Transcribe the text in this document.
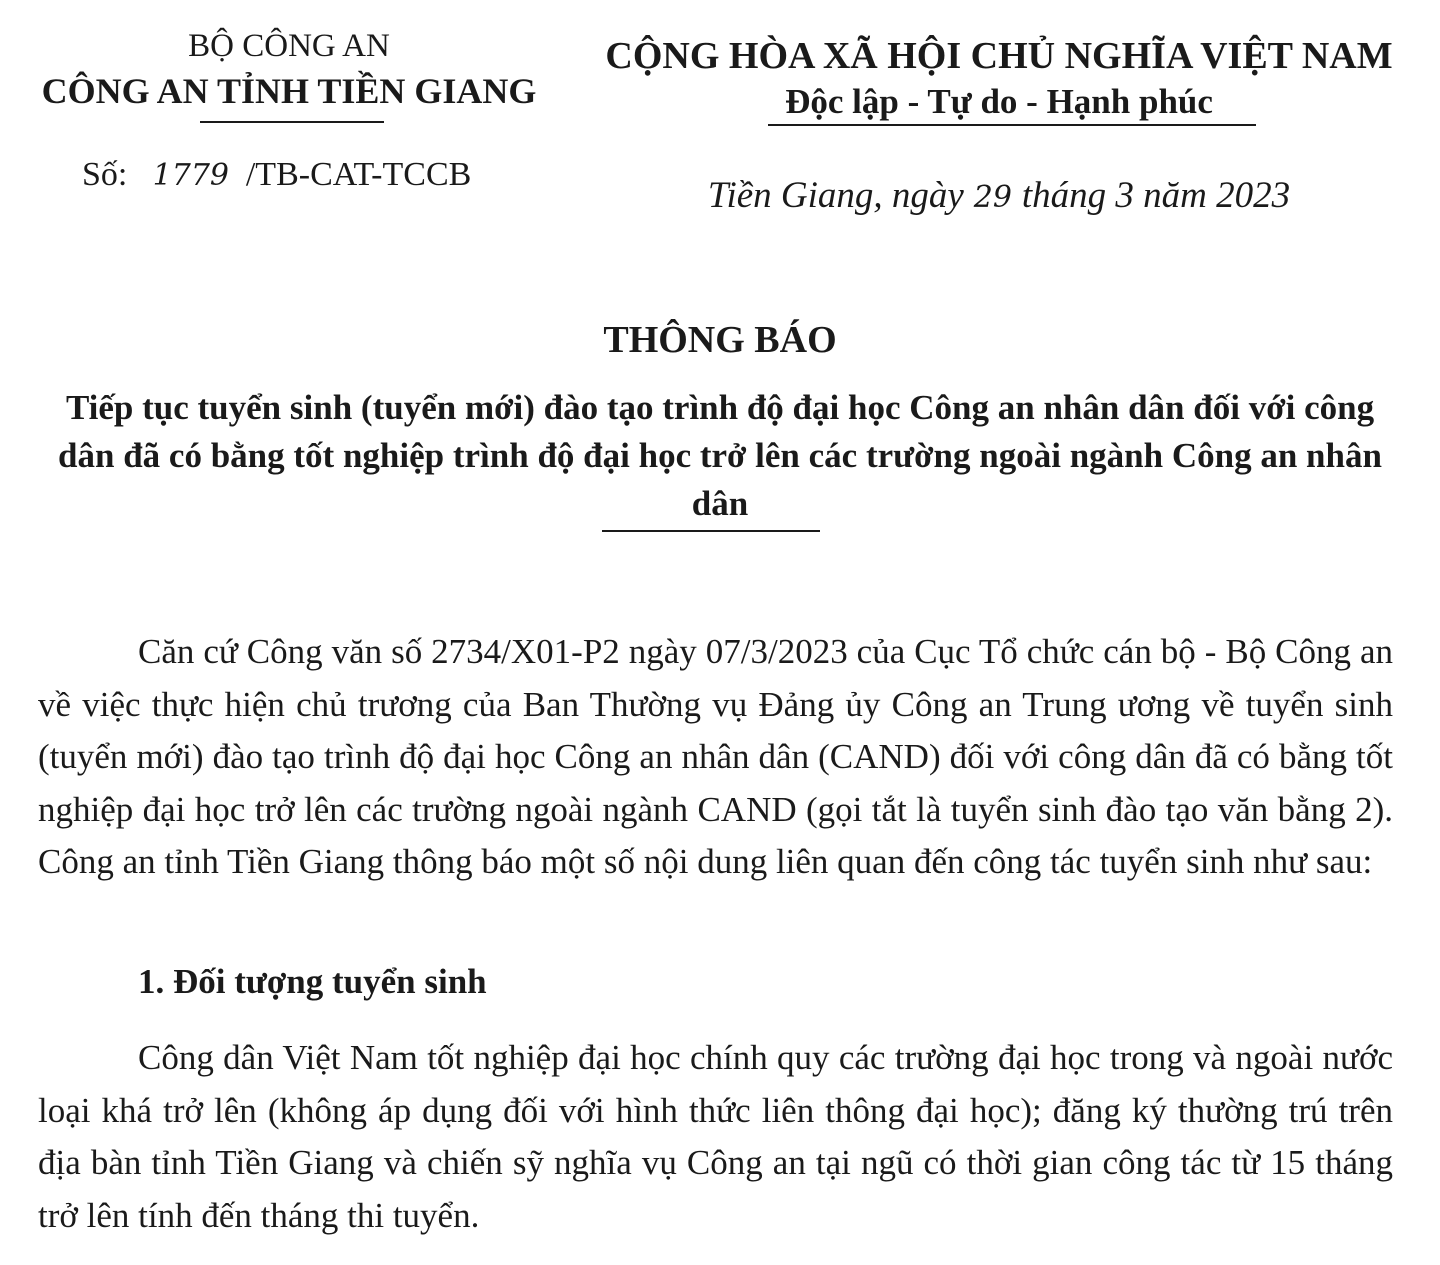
BỘ CÔNG AN
CÔNG AN TỈNH TIỀN GIANG
Số: 1779 /TB-CAT-TCCB
CỘNG HÒA XÃ HỘI CHỦ NGHĨA VIỆT NAM
Độc lập - Tự do - Hạnh phúc
Tiền Giang, ngày 29 tháng 3 năm 2023
THÔNG BÁO
Tiếp tục tuyển sinh (tuyển mới) đào tạo trình độ đại học Công an nhân dân đối với công dân đã có bằng tốt nghiệp trình độ đại học trở lên các trường ngoài ngành Công an nhân dân
Căn cứ Công văn số 2734/X01-P2 ngày 07/3/2023 của Cục Tổ chức cán bộ - Bộ Công an về việc thực hiện chủ trương của Ban Thường vụ Đảng ủy Công an Trung ương về tuyển sinh (tuyển mới) đào tạo trình độ đại học Công an nhân dân (CAND) đối với công dân đã có bằng tốt nghiệp đại học trở lên các trường ngoài ngành CAND (gọi tắt là tuyển sinh đào tạo văn bằng 2). Công an tỉnh Tiền Giang thông báo một số nội dung liên quan đến công tác tuyển sinh như sau:
1. Đối tượng tuyển sinh
Công dân Việt Nam tốt nghiệp đại học chính quy các trường đại học trong và ngoài nước loại khá trở lên (không áp dụng đối với hình thức liên thông đại học); đăng ký thường trú trên địa bàn tỉnh Tiền Giang và chiến sỹ nghĩa vụ Công an tại ngũ có thời gian công tác từ 15 tháng trở lên tính đến tháng thi tuyển.
